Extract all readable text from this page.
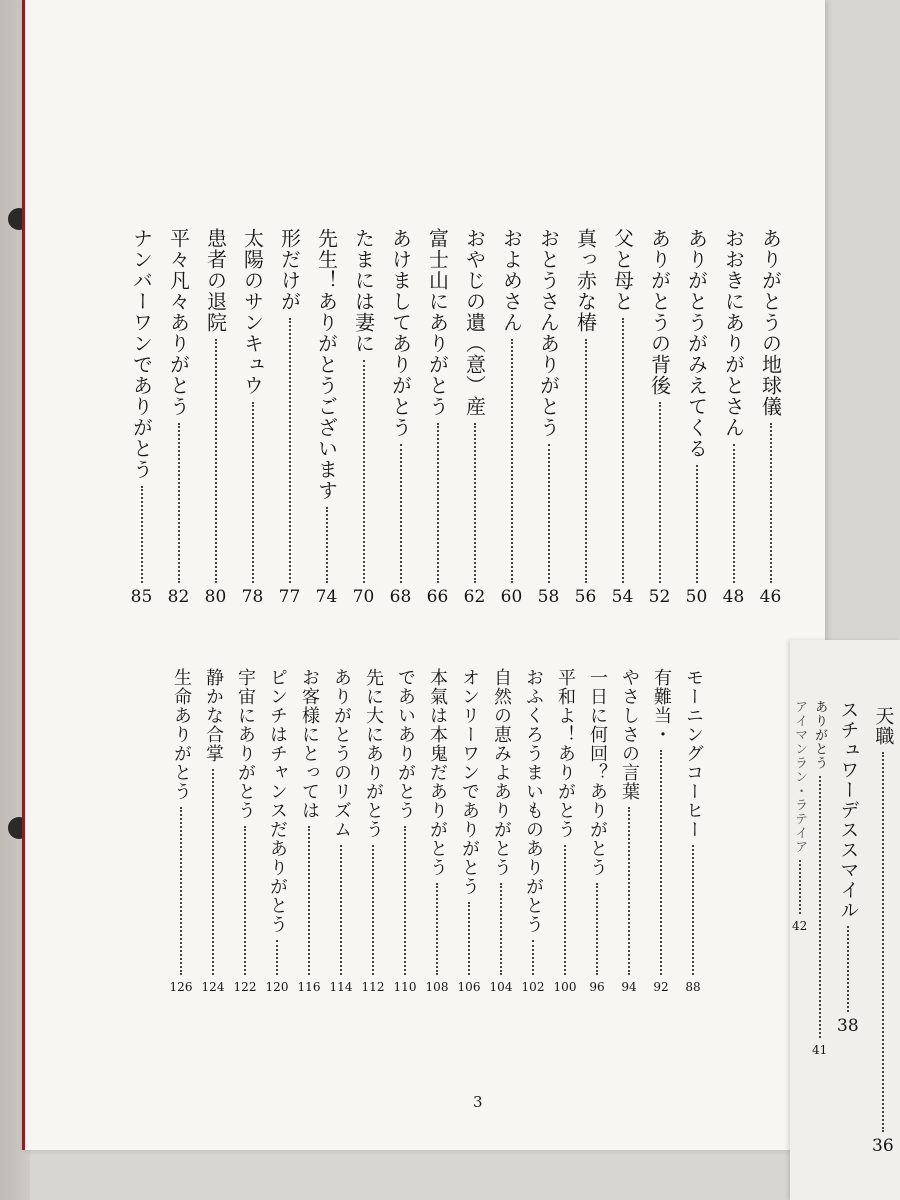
ありがとうの地球儀
46
おおきにありがとさん
48
ありがとうがみえてくる
50
ありがとうの背後
52
父と母と
54
真っ赤な椿
56
おとうさんありがとう
58
およめさん
60
おやじの遺（意）産
62
富士山にありがとう
66
あけましてありがとう
68
たまには妻に
70
先生！ありがとうございます
74
形だけが
77
太陽のサンキュウ
78
患者の退院
80
平々凡々ありがとう
82
ナンバーワンでありがとう
85
モーニングコーヒー
88
有難当・
92
やさしさの言葉
94
一日に何回？ありがとう
96
平和よ！ありがとう
100
おふくろうまいものありがとう
102
自然の恵みよありがとう
104
オンリーワンでありがとう
106
本氣は本鬼だありがとう
108
であいありがとう
110
先に大にありがとう
112
ありがとうのリズム
114
お客様にとっては
116
ピンチはチャンスだありがとう
120
宇宙にありがとう
122
静かな合掌
124
生命ありがとう
126
3
天職
36
スチュワーデススマイル
38
ありがとう
41
アイマンラン・ラテイア
42
